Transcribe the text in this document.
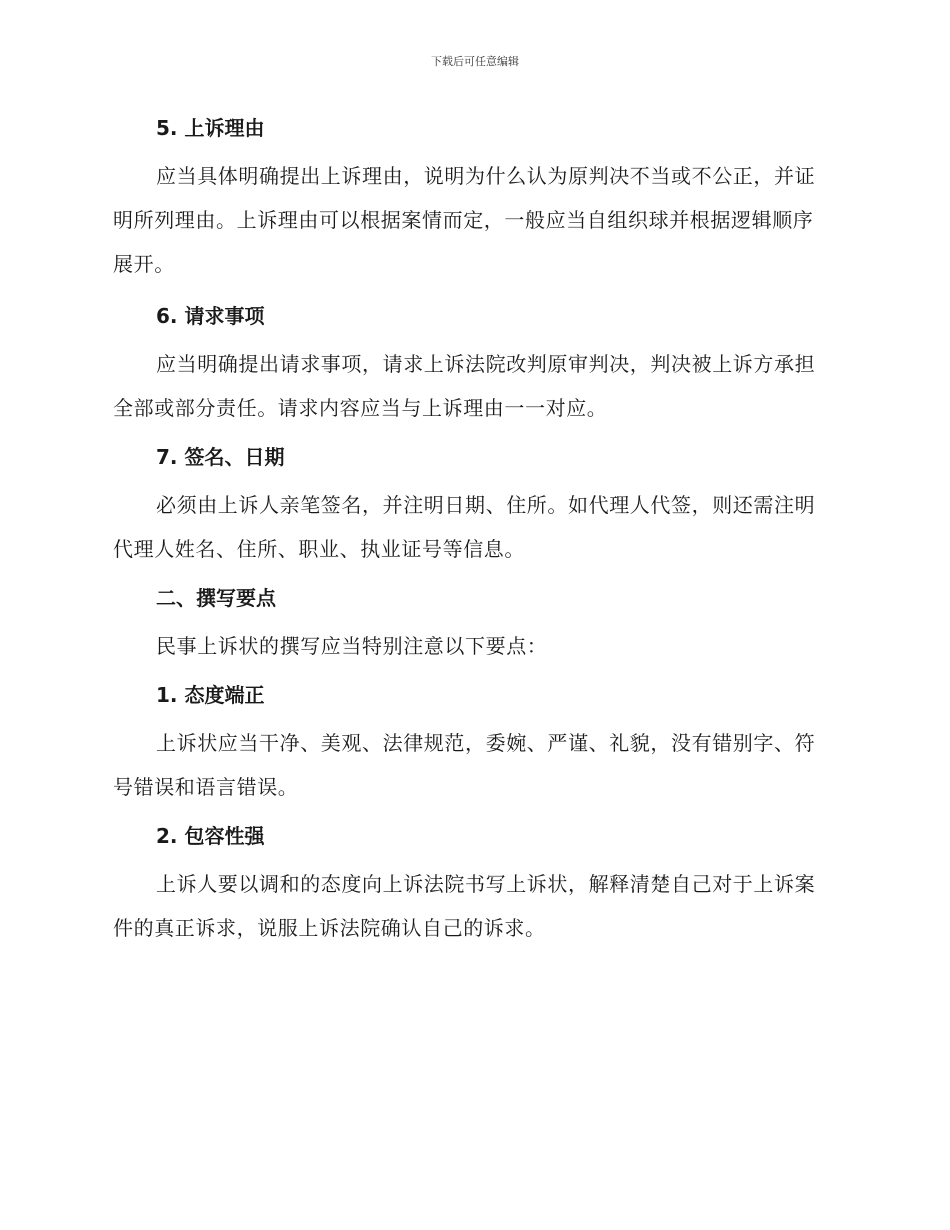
下载后可任意编辑
5. 上诉理由

应当具体明确提出上诉理由，说明为什么认为原判决不当或不公正，并证明所列理由。上诉理由可以根据案情而定，一般应当自组织球并根据逻辑顺序展开。

6. 请求事项

应当明确提出请求事项，请求上诉法院改判原审判决，判决被上诉方承担全部或部分责任。请求内容应当与上诉理由一一对应。

7. 签名、日期

必须由上诉人亲笔签名，并注明日期、住所。如代理人代签，则还需注明代理人姓名、住所、职业、执业证号等信息。

二、撰写要点

民事上诉状的撰写应当特别注意以下要点：

1. 态度端正

上诉状应当干净、美观、法律规范，委婉、严谨、礼貌，没有错别字、符号错误和语言错误。

2. 包容性强

上诉人要以调和的态度向上诉法院书写上诉状，解释清楚自己对于上诉案件的真正诉求，说服上诉法院确认自己的诉求。
